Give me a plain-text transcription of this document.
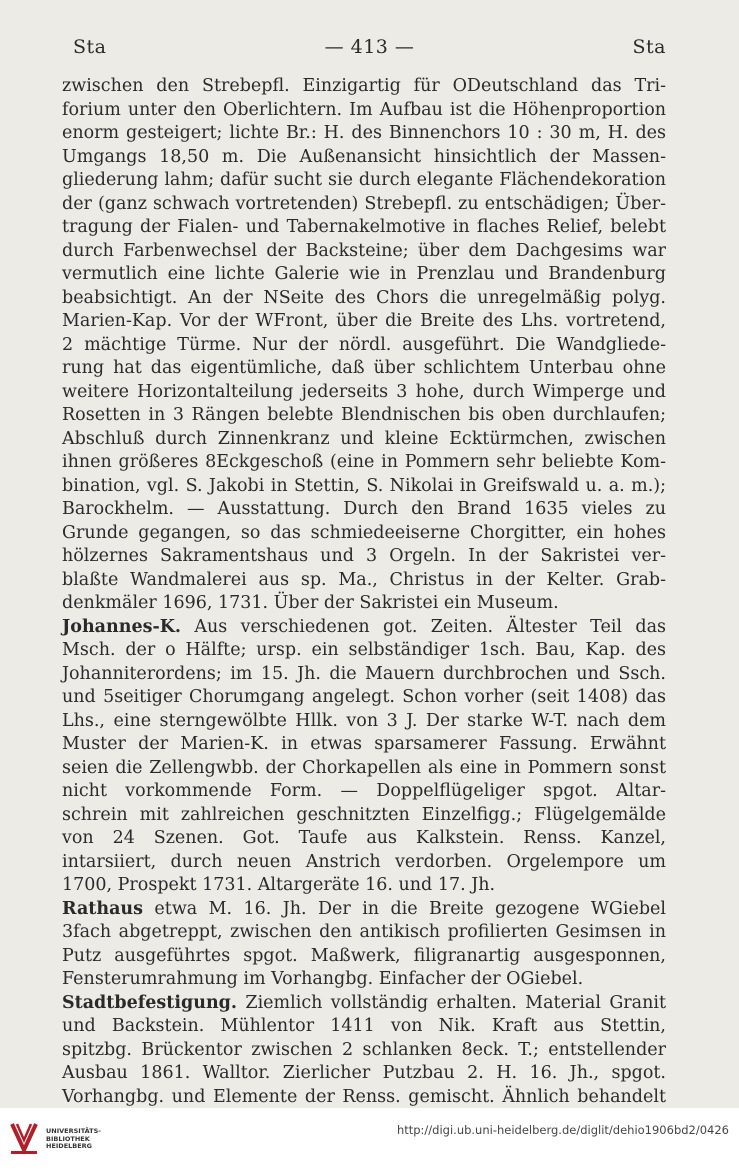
Sta	— 413 —	Sta
zwischen den Strebepfl. Einzigartig für ODeutschland das Tri-
forium unter den Oberlichtern. Im Aufbau ist die Höhenproportion
enorm gesteigert; lichte Br.: H. des Binnenchors 10 : 30 m, H. des
Umgangs 18,50 m. Die Außenansicht hinsichtlich der Massen-
gliederung lahm; dafür sucht sie durch elegante Flächendekoration
der (ganz schwach vortretenden) Strebepfl. zu entschädigen; Über-
tragung der Fialen- und Tabernakelmotive in flaches Relief, belebt
durch Farbenwechsel der Backsteine; über dem Dachgesims war
vermutlich eine lichte Galerie wie in Prenzlau und Brandenburg
beabsichtigt. An der NSeite des Chors die unregelmäßig polyg.
Marien-Kap. Vor der WFront, über die Breite des Lhs. vortretend,
2 mächtige Türme. Nur der nördl. ausgeführt. Die Wandgliede-
rung hat das eigentümliche, daß über schlichtem Unterbau ohne
weitere Horizontalteilung jederseits 3 hohe, durch Wimperge und
Rosetten in 3 Rängen belebte Blendnischen bis oben durchlaufen;
Abschluß durch Zinnenkranz und kleine Ecktürmchen, zwischen
ihnen größeres 8Eckgeschoß (eine in Pommern sehr beliebte Kom-
bination, vgl. S. Jakobi in Stettin, S. Nikolai in Greifswald u. a. m.);
Barockhelm. — Ausstattung. Durch den Brand 1635 vieles zu
Grunde gegangen, so das schmiedeeiserne Chorgitter, ein hohes
hölzernes Sakramentshaus und 3 Orgeln. In der Sakristei ver-
blaßte Wandmalerei aus sp. Ma., Christus in der Kelter. Grab-
denkmäler 1696, 1731. Über der Sakristei ein Museum.
Johannes-K. Aus verschiedenen got. Zeiten. Ältester Teil das
Msch. der o Hälfte; ursp. ein selbständiger 1sch. Bau, Kap. des
Johanniterordens; im 15. Jh. die Mauern durchbrochen und Ssch.
und 5seitiger Chorumgang angelegt. Schon vorher (seit 1408) das
Lhs., eine sterngewölbte Hllk. von 3 J. Der starke W-T. nach dem
Muster der Marien-K. in etwas sparsamerer Fassung. Erwähnt
seien die Zellengwbb. der Chorkapellen als eine in Pommern sonst
nicht vorkommende Form. — Doppelflügeliger spgot. Altar-
schrein mit zahlreichen geschnitzten Einzelfigg.; Flügelgemälde
von 24 Szenen. Got. Taufe aus Kalkstein. Renss. Kanzel,
intarsiiert, durch neuen Anstrich verdorben. Orgelempore um
1700, Prospekt 1731. Altargeräte 16. und 17. Jh.
Rathaus etwa M. 16. Jh. Der in die Breite gezogene WGiebel
3fach abgetreppt, zwischen den antikisch profilierten Gesimsen in
Putz ausgeführtes spgot. Maßwerk, filigranartig ausgesponnen,
Fensterumrahmung im Vorhangbg. Einfacher der OGiebel.
Stadtbefestigung. Ziemlich vollständig erhalten. Material Granit
und Backstein. Mühlentor 1411 von Nik. Kraft aus Stettin,
spitzbg. Brückentor zwischen 2 schlanken 8eck. T.; entstellender
Ausbau 1861. Walltor. Zierlicher Putzbau 2. H. 16. Jh., spgot.
Vorhangbg. und Elemente der Renss. gemischt. Ähnlich behandelt
UNIVERSITÄTS-
BIBLIOTHEK
HEIDELBERG
http://digi.ub.uni-heidelberg.de/diglit/dehio1906bd2/0426
